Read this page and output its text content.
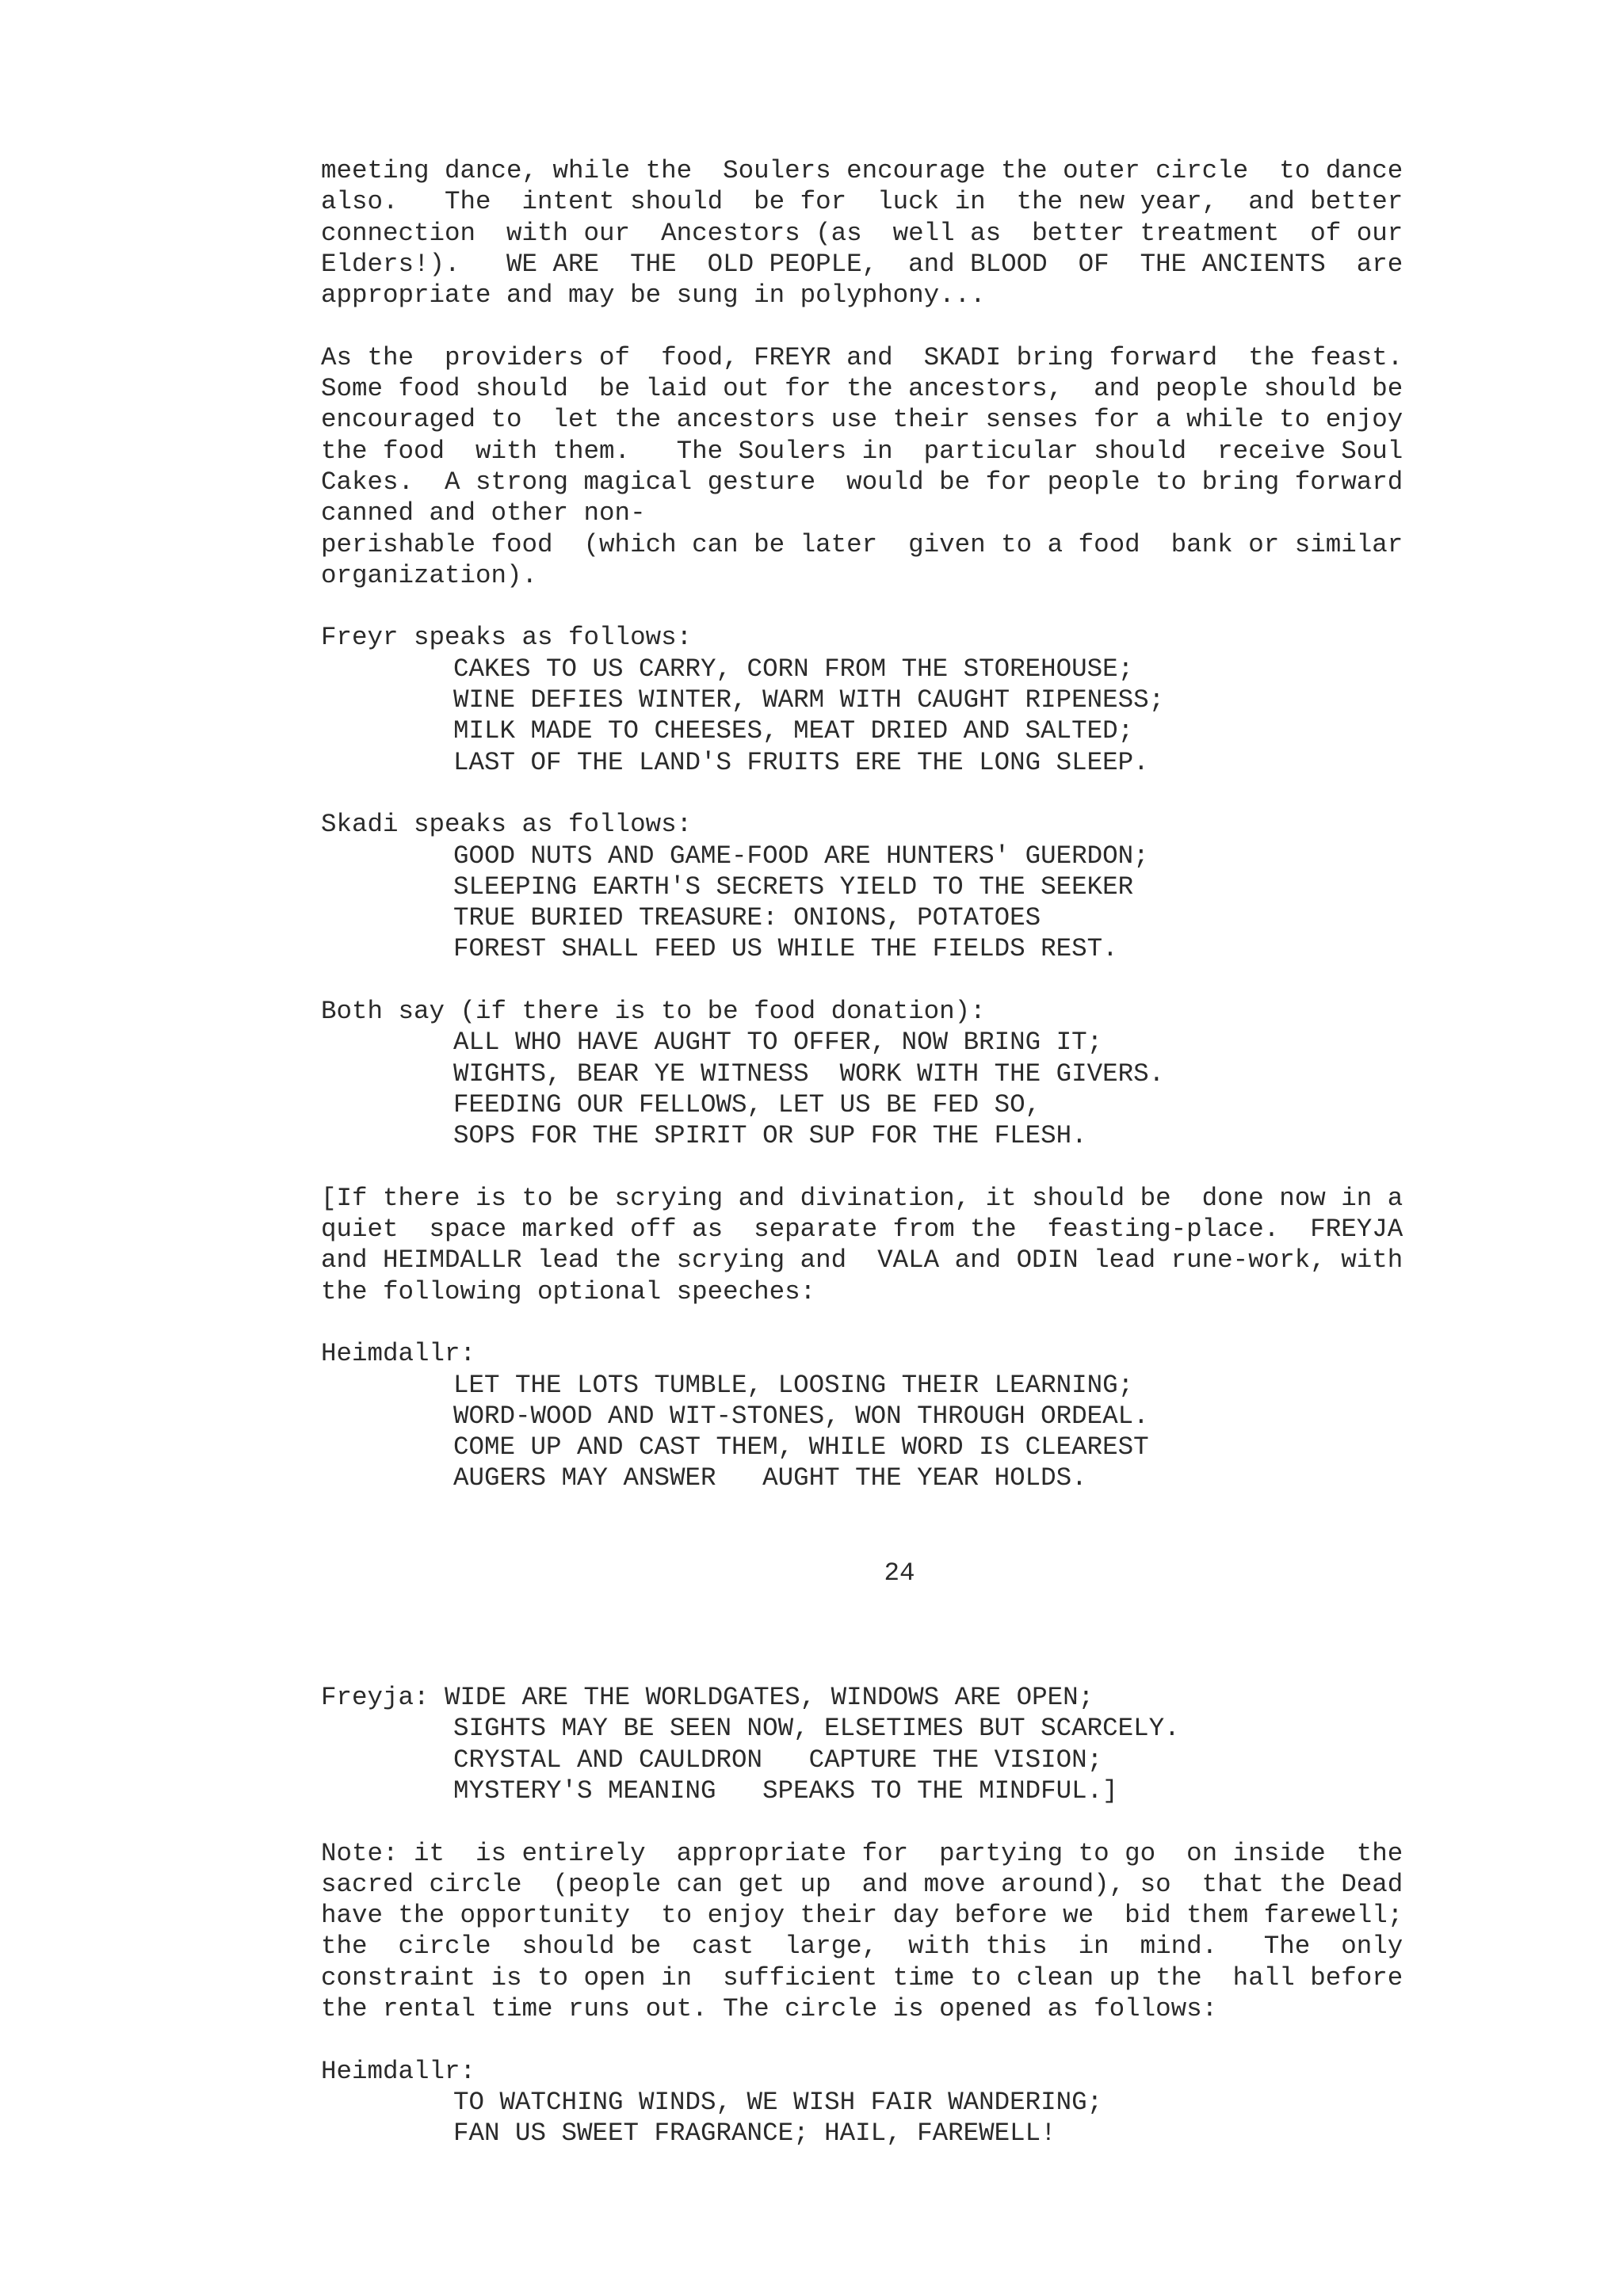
meeting dance, while the  Soulers encourage the outer circle  to dance

also.   The  intent should  be for  luck in  the new year,  and better

connection  with our  Ancestors (as  well as  better treatment  of our

Elders!).   WE ARE  THE  OLD PEOPLE,  and BLOOD  OF  THE ANCIENTS  are

appropriate and may be sung in polyphony...

As the  providers of  food, FREYR and  SKADI bring forward  the feast.

Some food should  be laid out for the ancestors,  and people should be

encouraged to  let the ancestors use their senses for a while to enjoy

the food  with them.   The Soulers in  particular should  receive Soul

Cakes.  A strong magical gesture  would be for people to bring forward

canned and other non-

perishable food  (which can be later  given to a food  bank or similar

organization).

Freyr speaks as follows:

CAKES TO US CARRY, CORN FROM THE STOREHOUSE;

WINE DEFIES WINTER, WARM WITH CAUGHT RIPENESS;

MILK MADE TO CHEESES, MEAT DRIED AND SALTED;

LAST OF THE LAND'S FRUITS ERE THE LONG SLEEP.

Skadi speaks as follows:

GOOD NUTS AND GAME-FOOD ARE HUNTERS' GUERDON;

SLEEPING EARTH'S SECRETS YIELD TO THE SEEKER

TRUE BURIED TREASURE: ONIONS, POTATOES

FOREST SHALL FEED US WHILE THE FIELDS REST.

Both say (if there is to be food donation):

ALL WHO HAVE AUGHT TO OFFER, NOW BRING IT;

WIGHTS, BEAR YE WITNESS  WORK WITH THE GIVERS.

FEEDING OUR FELLOWS, LET US BE FED SO,

SOPS FOR THE SPIRIT OR SUP FOR THE FLESH.

[If there is to be scrying and divination, it should be  done now in a

quiet  space marked off as  separate from the  feasting-place.  FREYJA

and HEIMDALLR lead the scrying and  VALA and ODIN lead rune-work, with

the following optional speeches:

Heimdallr:

LET THE LOTS TUMBLE, LOOSING THEIR LEARNING;

WORD-WOOD AND WIT-STONES, WON THROUGH ORDEAL.

COME UP AND CAST THEM, WHILE WORD IS CLEAREST

AUGERS MAY ANSWER   AUGHT THE YEAR HOLDS.

24

Freyja: WIDE ARE THE WORLDGATES, WINDOWS ARE OPEN;

SIGHTS MAY BE SEEN NOW, ELSETIMES BUT SCARCELY.

CRYSTAL AND CAULDRON   CAPTURE THE VISION;

MYSTERY'S MEANING   SPEAKS TO THE MINDFUL.]

Note: it  is entirely  appropriate for  partying to go  on inside  the

sacred circle  (people can get up  and move around), so  that the Dead

have the opportunity  to enjoy their day before we  bid them farewell;

the  circle  should be  cast  large,  with this  in  mind.   The  only

constraint is to open in  sufficient time to clean up the  hall before

the rental time runs out. The circle is opened as follows:

Heimdallr:

TO WATCHING WINDS, WE WISH FAIR WANDERING;

FAN US SWEET FRAGRANCE; HAIL, FAREWELL!
